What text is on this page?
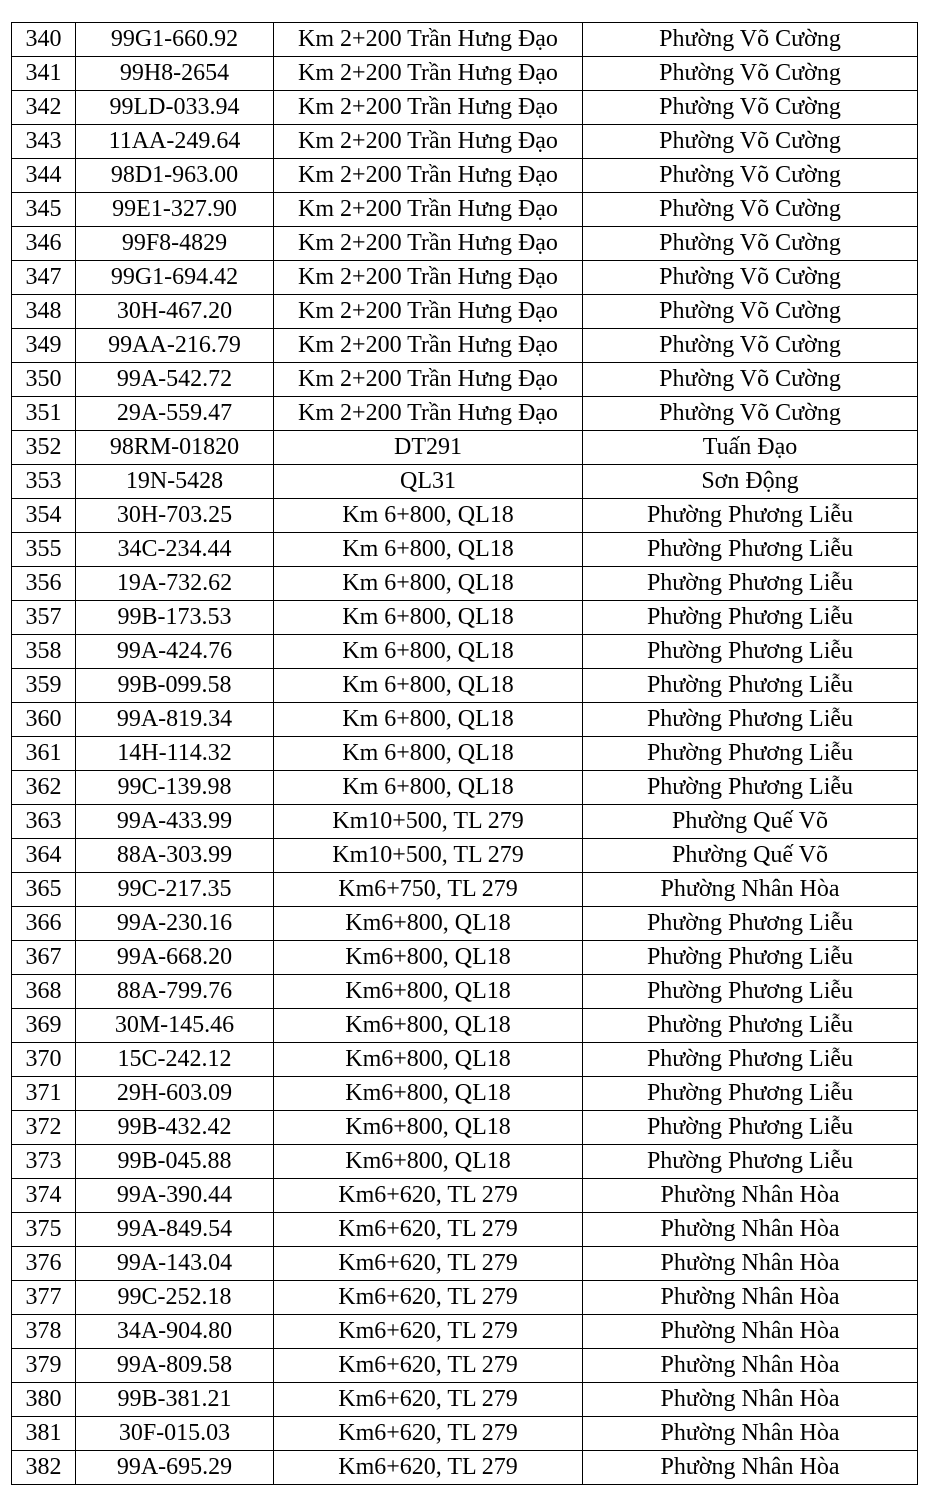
340	99G1-660.92	Km 2+200 Trần Hưng Đạo	Phường Võ Cường
341	99H8-2654	Km 2+200 Trần Hưng Đạo	Phường Võ Cường
342	99LD-033.94	Km 2+200 Trần Hưng Đạo	Phường Võ Cường
343	11AA-249.64	Km 2+200 Trần Hưng Đạo	Phường Võ Cường
344	98D1-963.00	Km 2+200 Trần Hưng Đạo	Phường Võ Cường
345	99E1-327.90	Km 2+200 Trần Hưng Đạo	Phường Võ Cường
346	99F8-4829	Km 2+200 Trần Hưng Đạo	Phường Võ Cường
347	99G1-694.42	Km 2+200 Trần Hưng Đạo	Phường Võ Cường
348	30H-467.20	Km 2+200 Trần Hưng Đạo	Phường Võ Cường
349	99AA-216.79	Km 2+200 Trần Hưng Đạo	Phường Võ Cường
350	99A-542.72	Km 2+200 Trần Hưng Đạo	Phường Võ Cường
351	29A-559.47	Km 2+200 Trần Hưng Đạo	Phường Võ Cường
352	98RM-01820	DT291	Tuấn Đạo
353	19N-5428	QL31	Sơn Động
354	30H-703.25	Km 6+800, QL18	Phường Phương Liễu
355	34C-234.44	Km 6+800, QL18	Phường Phương Liễu
356	19A-732.62	Km 6+800, QL18	Phường Phương Liễu
357	99B-173.53	Km 6+800, QL18	Phường Phương Liễu
358	99A-424.76	Km 6+800, QL18	Phường Phương Liễu
359	99B-099.58	Km 6+800, QL18	Phường Phương Liễu
360	99A-819.34	Km 6+800, QL18	Phường Phương Liễu
361	14H-114.32	Km 6+800, QL18	Phường Phương Liễu
362	99C-139.98	Km 6+800, QL18	Phường Phương Liễu
363	99A-433.99	Km10+500, TL 279	Phường Quế Võ
364	88A-303.99	Km10+500, TL 279	Phường Quế Võ
365	99C-217.35	Km6+750, TL 279	Phường Nhân Hòa
366	99A-230.16	Km6+800, QL18	Phường Phương Liễu
367	99A-668.20	Km6+800, QL18	Phường Phương Liễu
368	88A-799.76	Km6+800, QL18	Phường Phương Liễu
369	30M-145.46	Km6+800, QL18	Phường Phương Liễu
370	15C-242.12	Km6+800, QL18	Phường Phương Liễu
371	29H-603.09	Km6+800, QL18	Phường Phương Liễu
372	99B-432.42	Km6+800, QL18	Phường Phương Liễu
373	99B-045.88	Km6+800, QL18	Phường Phương Liễu
374	99A-390.44	Km6+620, TL 279	Phường Nhân Hòa
375	99A-849.54	Km6+620, TL 279	Phường Nhân Hòa
376	99A-143.04	Km6+620, TL 279	Phường Nhân Hòa
377	99C-252.18	Km6+620, TL 279	Phường Nhân Hòa
378	34A-904.80	Km6+620, TL 279	Phường Nhân Hòa
379	99A-809.58	Km6+620, TL 279	Phường Nhân Hòa
380	99B-381.21	Km6+620, TL 279	Phường Nhân Hòa
381	30F-015.03	Km6+620, TL 279	Phường Nhân Hòa
382	99A-695.29	Km6+620, TL 279	Phường Nhân Hòa
